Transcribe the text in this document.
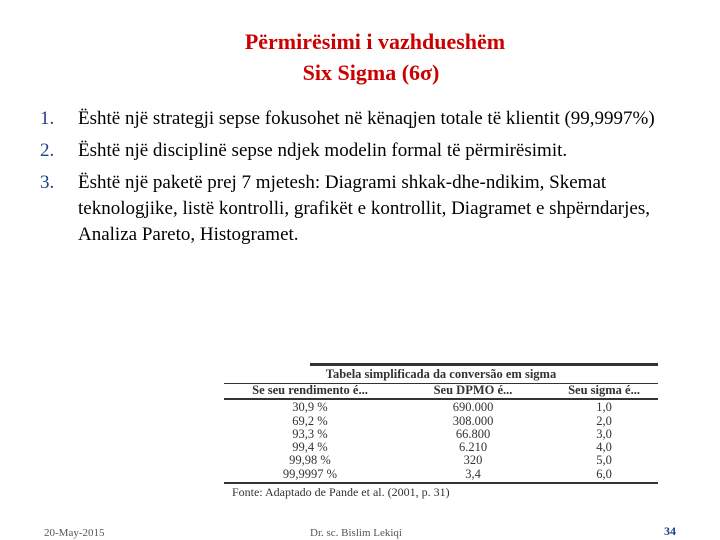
Përmirësimi i vazhdueshëm
Six Sigma (6σ)
1. Është një strategji sepse fokusohet në kënaqjen totale të klientit (99,9997%)
2. Është një disciplinë sepse ndjek modelin formal të përmirësimit.
3. Është një paketë prej 7 mjetesh: Diagrami shkak-dhe-ndikim, Skemat teknologjike, listë kontrolli, grafikët e kontrollit, Diagramet e shpërndarjes, Analiza Pareto, Histogramet.
Tabela simplificada da conversão em sigma
Se seu rendimento é...	Seu DPMO é...	Seu sigma é...
30,9 %	690.000	1,0
69,2 %	308.000	2,0
93,3 %	66.800	3,0
99,4 %	6.210	4,0
99,98 %	320	5,0
99,9997 %	3,4	6,0
Fonte: Adaptado de Pande et al. (2001, p. 31)
20-May-2015	Dr. sc. Bislim Lekiqi	34
